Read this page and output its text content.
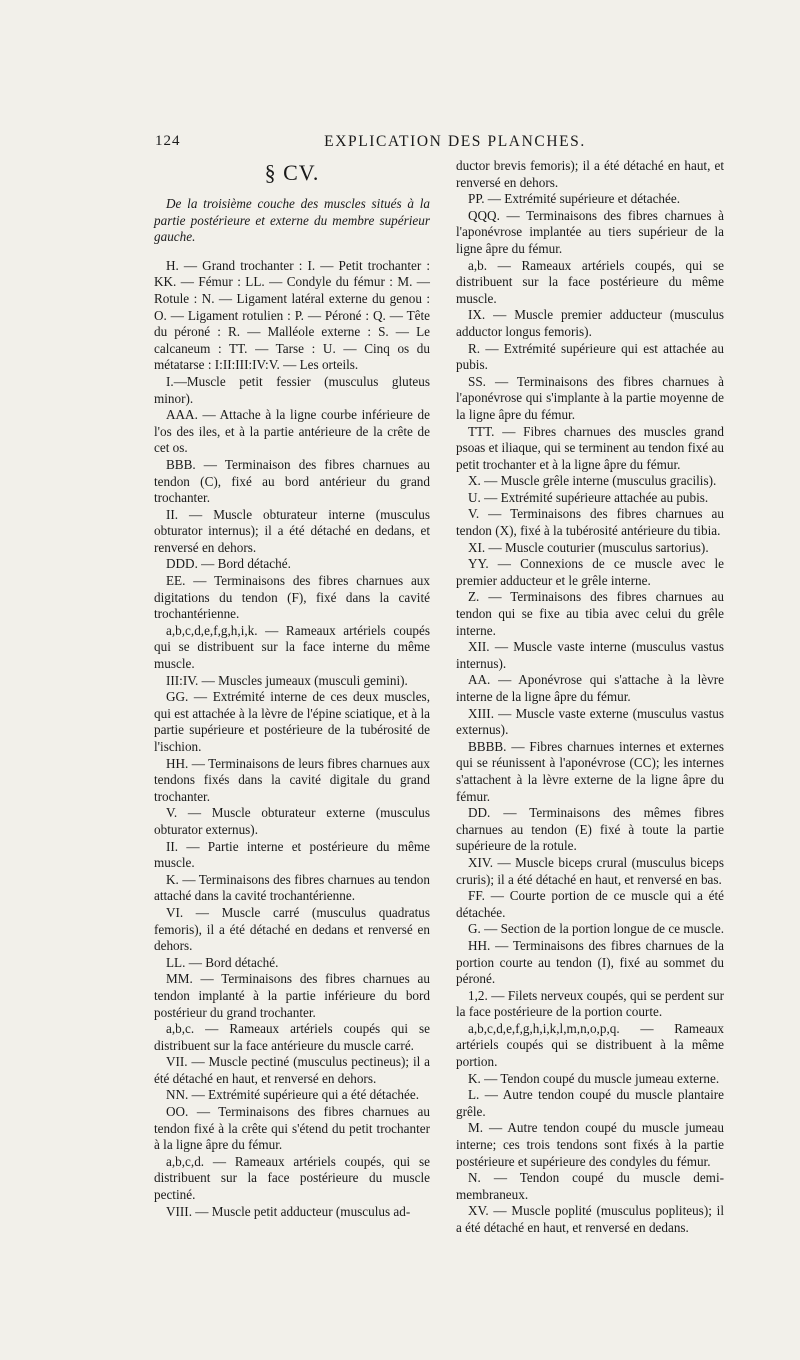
124	EXPLICATION DES PLANCHES.
§ CV.
De la troisième couche des muscles situés à la partie postérieure et externe du membre supérieur gauche.

H. — Grand trochanter : I. — Petit trochanter : KK. — Fémur : LL. — Condyle du fémur : M. — Rotule : N. — Ligament latéral externe du genou : O. — Ligament rotulien : P. — Péroné : Q. — Tête du péroné : R. — Malléole externe : S. — Le calcaneum : TT. — Tarse : U. — Cinq os du métatarse : I:II:III:IV:V. — Les orteils.

I.—Muscle petit fessier (musculus gluteus minor).

AAA. — Attache à la ligne courbe inférieure de l'os des iles, et à la partie antérieure de la crête de cet os.

BBB. — Terminaison des fibres charnues au tendon (C), fixé au bord antérieur du grand trochanter.

II. — Muscle obturateur interne (musculus obturator internus); il a été détaché en dedans, et renversé en dehors.

DDD. — Bord détaché.

EE. — Terminaisons des fibres charnues aux digitations du tendon (F), fixé dans la cavité trochantérienne.

a,b,c,d,e,f,g,h,i,k. — Rameaux artériels coupés qui se distribuent sur la face interne du même muscle.

III:IV. — Muscles jumeaux (musculi gemini).

GG. — Extrémité interne de ces deux muscles, qui est attachée à la lèvre de l'épine sciatique, et à la partie supérieure et postérieure de la tubérosité de l'ischion.

HH. — Terminaisons de leurs fibres charnues aux tendons fixés dans la cavité digitale du grand trochanter.

V. — Muscle obturateur externe (musculus obturator externus).

II. — Partie interne et postérieure du même muscle.

K. — Terminaisons des fibres charnues au tendon attaché dans la cavité trochantérienne.

VI. — Muscle carré (musculus quadratus femoris), il a été détaché en dedans et renversé en dehors.

LL. — Bord détaché.

MM. — Terminaisons des fibres charnues au tendon implanté à la partie inférieure du bord postérieur du grand trochanter.

a,b,c. — Rameaux artériels coupés qui se distribuent sur la face antérieure du muscle carré.

VII. — Muscle pectiné (musculus pectineus); il a été détaché en haut, et renversé en dehors.

NN. — Extrémité supérieure qui a été détachée.

OO. — Terminaisons des fibres charnues au tendon fixé à la crête qui s'étend du petit trochanter à la ligne âpre du fémur.

a,b,c,d. — Rameaux artériels coupés, qui se distribuent sur la face postérieure du muscle pectiné.

VIII. — Muscle petit adducteur (musculus ad-

ductor brevis femoris); il a été détaché en haut, et renversé en dehors.

PP. — Extrémité supérieure et détachée.

QQQ. — Terminaisons des fibres charnues à l'aponévrose implantée au tiers supérieur de la ligne âpre du fémur.

a,b. — Rameaux artériels coupés, qui se distribuent sur la face postérieure du même muscle.

IX. — Muscle premier adducteur (musculus adductor longus femoris).

R. — Extrémité supérieure qui est attachée au pubis.

SS. — Terminaisons des fibres charnues à l'aponévrose qui s'implante à la partie moyenne de la ligne âpre du fémur.

TTT. — Fibres charnues des muscles grand psoas et iliaque, qui se terminent au tendon fixé au petit trochanter et à la ligne âpre du fémur.

X. — Muscle grêle interne (musculus gracilis).

U. — Extrémité supérieure attachée au pubis.

V. — Terminaisons des fibres charnues au tendon (X), fixé à la tubérosité antérieure du tibia.

XI. — Muscle couturier (musculus sartorius).

YY. — Connexions de ce muscle avec le premier adducteur et le grêle interne.

Z. — Terminaisons des fibres charnues au tendon qui se fixe au tibia avec celui du grêle interne.

XII. — Muscle vaste interne (musculus vastus internus).

AA. — Aponévrose qui s'attache à la lèvre interne de la ligne âpre du fémur.

XIII. — Muscle vaste externe (musculus vastus externus).

BBBB. — Fibres charnues internes et externes qui se réunissent à l'aponévrose (CC); les internes s'attachent à la lèvre externe de la ligne âpre du fémur.

DD. — Terminaisons des mêmes fibres charnues au tendon (E) fixé à toute la partie supérieure de la rotule.

XIV. — Muscle biceps crural (musculus biceps cruris); il a été détaché en haut, et renversé en bas.

FF. — Courte portion de ce muscle qui a été détachée.

G. — Section de la portion longue de ce muscle.

HH. — Terminaisons des fibres charnues de la portion courte au tendon (I), fixé au sommet du péroné.

1,2. — Filets nerveux coupés, qui se perdent sur la face postérieure de la portion courte.

a,b,c,d,e,f,g,h,i,k,l,m,n,o,p,q. — Rameaux artériels coupés qui se distribuent à la même portion.

K. — Tendon coupé du muscle jumeau externe.

L. — Autre tendon coupé du muscle plantaire grêle.

M. — Autre tendon coupé du muscle jumeau interne; ces trois tendons sont fixés à la partie postérieure et supérieure des condyles du fémur.

N. — Tendon coupé du muscle demi-membraneux.

XV. — Muscle poplité (musculus popliteus); il a été détaché en haut, et renversé en dedans.
